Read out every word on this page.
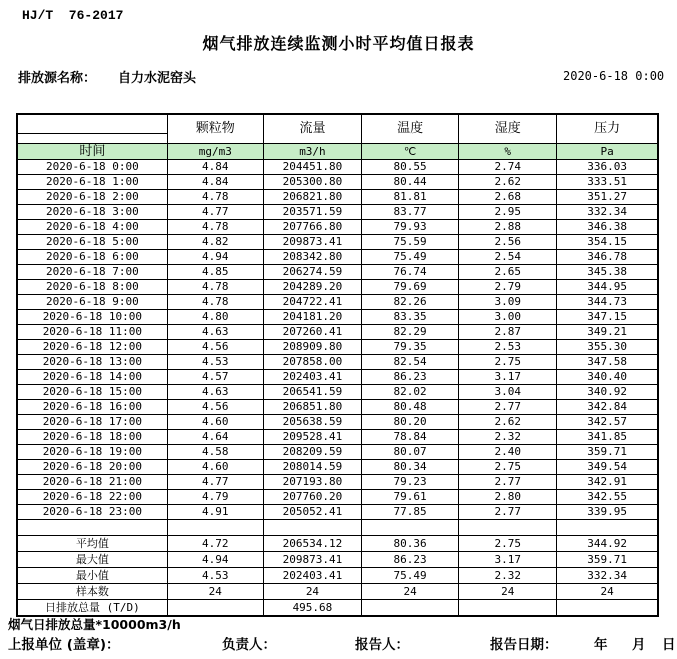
HJ/T  76-2017
烟气排放连续监测小时平均值日报表
排放源名称： 自力水泥窑头	2020-6-18 0:00
	颗粒物	流量	温度	湿度	压力

时间	mg/m3	m3/h	℃	%	Pa
2020-6-18 0:00	4.84	204451.80	80.55	2.74	336.03
2020-6-18 1:00	4.84	205300.80	80.44	2.62	333.51
2020-6-18 2:00	4.78	206821.80	81.81	2.68	351.27
2020-6-18 3:00	4.77	203571.59	83.77	2.95	332.34
2020-6-18 4:00	4.78	207766.80	79.93	2.88	346.38
2020-6-18 5:00	4.82	209873.41	75.59	2.56	354.15
2020-6-18 6:00	4.94	208342.80	75.49	2.54	346.78
2020-6-18 7:00	4.85	206274.59	76.74	2.65	345.38
2020-6-18 8:00	4.78	204289.20	79.69	2.79	344.95
2020-6-18 9:00	4.78	204722.41	82.26	3.09	344.73
2020-6-18 10:00	4.80	204181.20	83.35	3.00	347.15
2020-6-18 11:00	4.63	207260.41	82.29	2.87	349.21
2020-6-18 12:00	4.56	208909.80	79.35	2.53	355.30
2020-6-18 13:00	4.53	207858.00	82.54	2.75	347.58
2020-6-18 14:00	4.57	202403.41	86.23	3.17	340.40
2020-6-18 15:00	4.63	206541.59	82.02	3.04	340.92
2020-6-18 16:00	4.56	206851.80	80.48	2.77	342.84
2020-6-18 17:00	4.60	205638.59	80.20	2.62	342.57
2020-6-18 18:00	4.64	209528.41	78.84	2.32	341.85
2020-6-18 19:00	4.58	208209.59	80.07	2.40	359.71
2020-6-18 20:00	4.60	208014.59	80.34	2.75	349.54
2020-6-18 21:00	4.77	207193.80	79.23	2.77	342.91
2020-6-18 22:00	4.79	207760.20	79.61	2.80	342.55
2020-6-18 23:00	4.91	205052.41	77.85	2.77	339.95

平均值	4.72	206534.12	80.36	2.75	344.92
最大值	4.94	209873.41	86.23	3.17	359.71
最小值	4.53	202403.41	75.49	2.32	332.34
样本数	24	24	24	24	24
日排放总量 (T/D)		495.68			
烟气日排放总量*10000m3/h
上报单位 (盖章)：	负责人：	报告人：	报告日期：	年 月 日
